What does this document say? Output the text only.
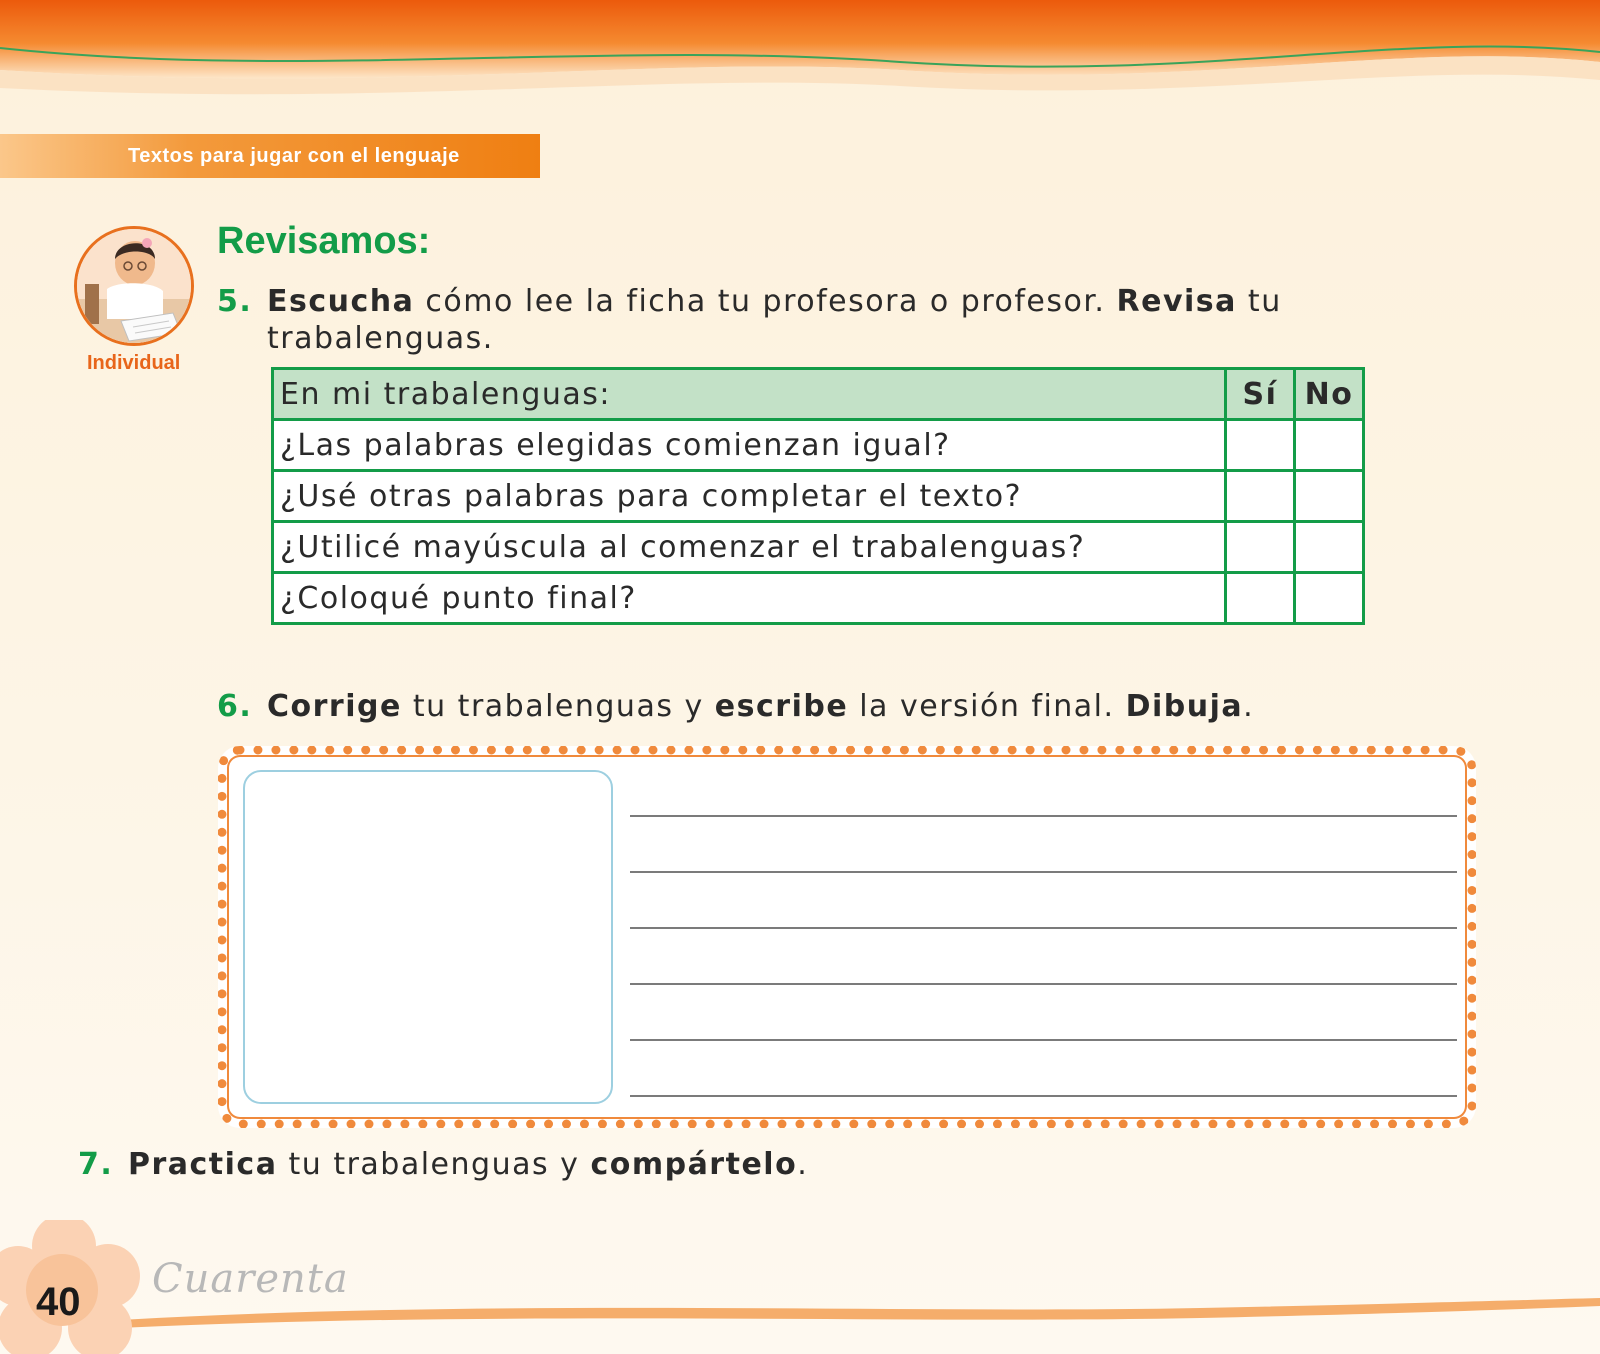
Textos para jugar con el lenguaje
Individual
Revisamos:
5. Escucha cómo lee la ficha tu profesora o profesor. Revisa tu trabalenguas.
En mi trabalenguas:	Sí	No
¿Las palabras elegidas comienzan igual?		
¿Usé otras palabras para completar el texto?		
¿Utilicé mayúscula al comenzar el trabalenguas?		
¿Coloqué punto final?		
6. Corrige tu trabalenguas y escribe la versión final. Dibuja.
7. Practica tu trabalenguas y compártelo.
40 Cuarenta
